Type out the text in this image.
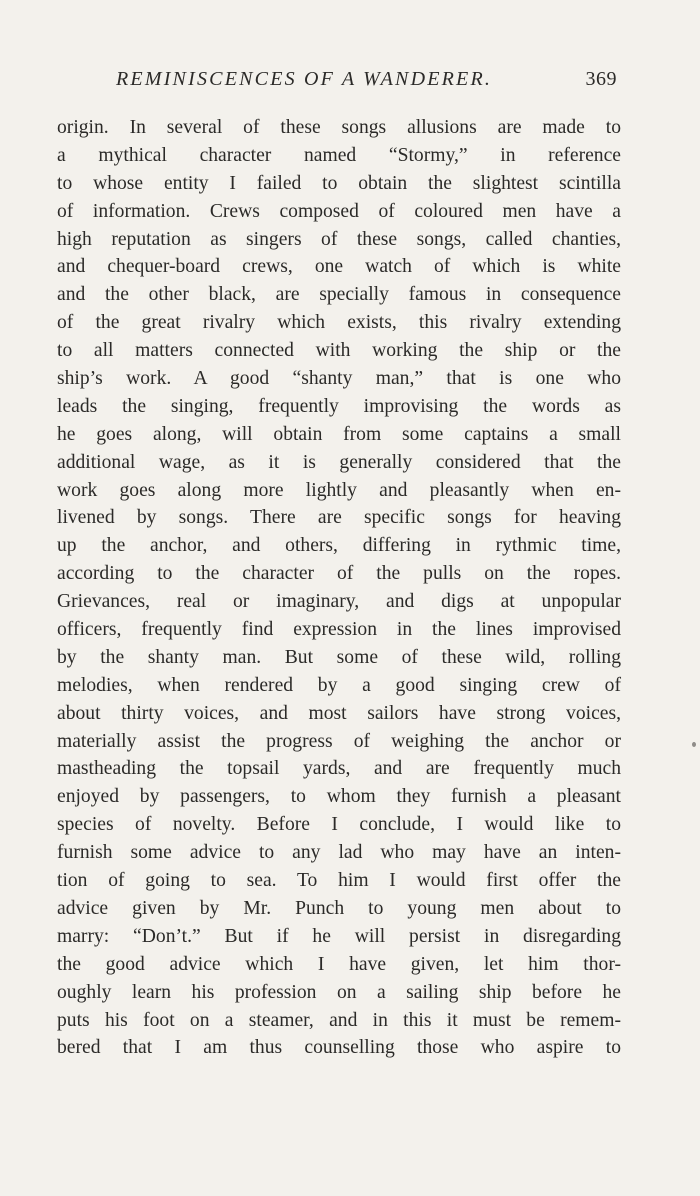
REMINISCENCES OF A WANDERER.	369
origin. In several of these songs allusions are made to
a mythical character named “Stormy,” in reference
to whose entity I failed to obtain the slightest scintilla
of information. Crews composed of coloured men have a
high reputation as singers of these songs, called chanties,
and chequer-board crews, one watch of which is white
and the other black, are specially famous in consequence
of the great rivalry which exists, this rivalry extending
to all matters connected with working the ship or the
ship’s work. A good “shanty man,” that is one who
leads the singing, frequently improvising the words as
he goes along, will obtain from some captains a small
additional wage, as it is generally considered that the
work goes along more lightly and pleasantly when en-
livened by songs. There are specific songs for heaving
up the anchor, and others, differing in rythmic time,
according to the character of the pulls on the ropes.
Grievances, real or imaginary, and digs at unpopular
officers, frequently find expression in the lines improvised
by the shanty man. But some of these wild, rolling
melodies, when rendered by a good singing crew of
about thirty voices, and most sailors have strong voices,
materially assist the progress of weighing the anchor or
mastheading the topsail yards, and are frequently much
enjoyed by passengers, to whom they furnish a pleasant
species of novelty. Before I conclude, I would like to
furnish some advice to any lad who may have an inten-
tion of going to sea. To him I would first offer the
advice given by Mr. Punch to young men about to
marry: “Don’t.” But if he will persist in disregarding
the good advice which I have given, let him thor-
oughly learn his profession on a sailing ship before he
puts his foot on a steamer, and in this it must be remem-
bered that I am thus counselling those who aspire to
